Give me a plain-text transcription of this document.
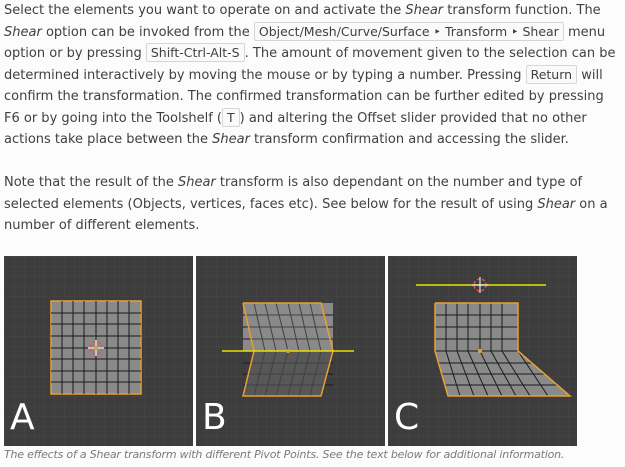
Select the elements you want to operate on and activate the Shear transform function. The Shear option can be invoked from the Object/Mesh/Curve/Surface ‣ Transform ‣ Shear menu option or by pressing Shift-Ctrl-Alt-S . The amount of movement given to the selection can be determined interactively by moving the mouse or by typing a number. Pressing Return will confirm the transformation. The confirmed transformation can be further edited by pressing F6 or by going into the Toolshelf ( T ) and altering the Offset slider provided that no other actions take place between the Shear transform confirmation and accessing the slider.

Note that the result of the Shear transform is also dependant on the number and type of selected elements (Objects, vertices, faces etc). See below for the result of using Shear on a number of different elements.

A	B	C
The effects of a Shear transform with different Pivot Points. See the text below for additional information.
